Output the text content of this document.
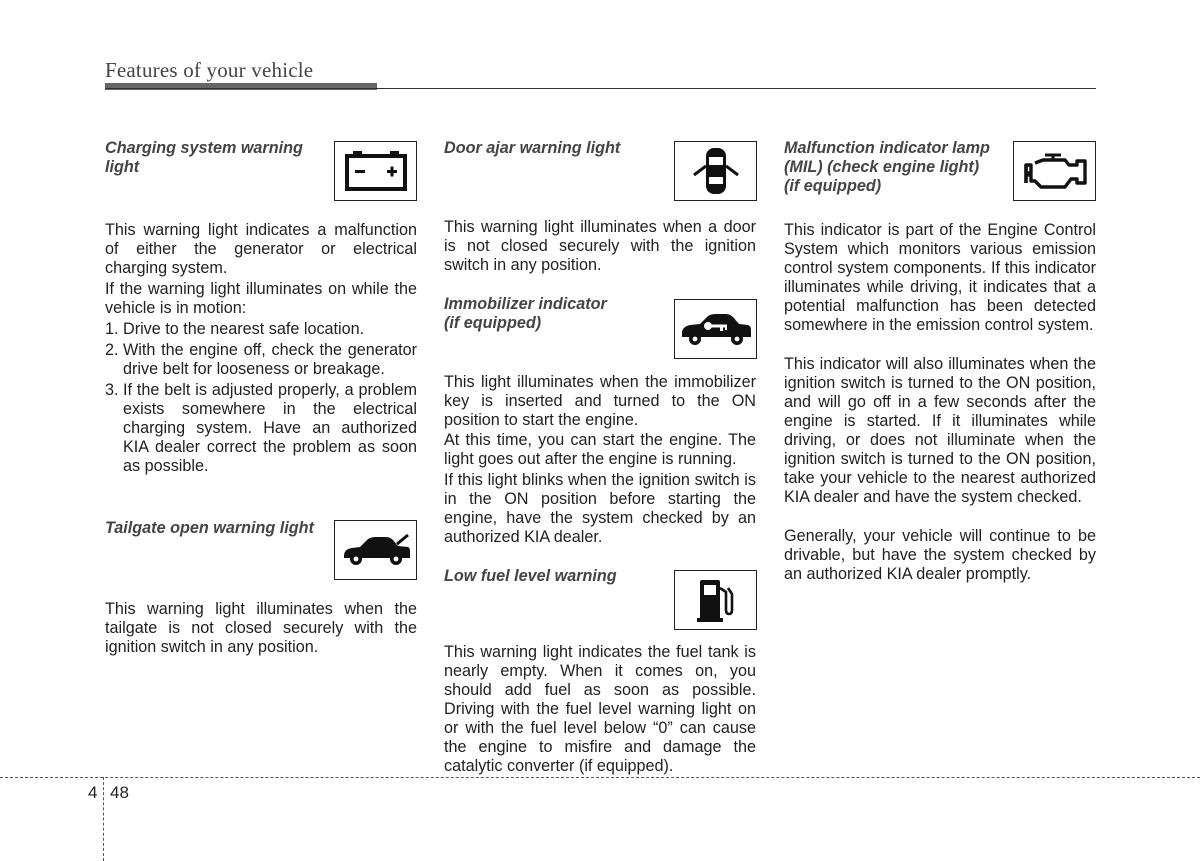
Features of your vehicle
Charging system warning light

This warning light indicates a malfunction of either the generator or electrical charging system.

If the warning light illuminates on while the vehicle is in motion:

1. Drive to the nearest safe location.
2. With the engine off, check the generator drive belt for looseness or breakage.
3. If the belt is adjusted properly, a problem exists somewhere in the electrical charging system. Have an authorized KIA dealer correct the problem as soon as possible.
Tailgate open warning light

This warning light illuminates when the tailgate is not closed securely with the ignition switch in any position.

Door ajar warning light

This warning light illuminates when a door is not closed securely with the ignition switch in any position.

Immobilizer indicator
(if equipped)

This light illuminates when the immobilizer key is inserted and turned to the ON position to start the engine.

At this time, you can start the engine. The light goes out after the engine is running.

If this light blinks when the ignition switch is in the ON position before starting the engine, have the system checked by an authorized KIA dealer.

Low fuel level warning

This warning light indicates the fuel tank is nearly empty. When it comes on, you should add fuel as soon as possible. Driving with the fuel level warning light on or with the fuel level below “0” can cause the engine to misfire and damage the catalytic converter (if equipped).

Malfunction indicator lamp
(MIL) (check engine light)
(if equipped)

This indicator is part of the Engine Control System which monitors various emission control system components. If this indicator illuminates while driving, it indicates that a potential malfunction has been detected somewhere in the emission control system.

This indicator will also illuminates when the ignition switch is turned to the ON position, and will go off in a few seconds after the engine is started. If it illuminates while driving, or does not illuminate when the ignition switch is turned to the ON position, take your vehicle to the nearest authorized KIA dealer and have the system checked.

Generally, your vehicle will continue to be drivable, but have the system checked by an authorized KIA dealer promptly.

4 48
